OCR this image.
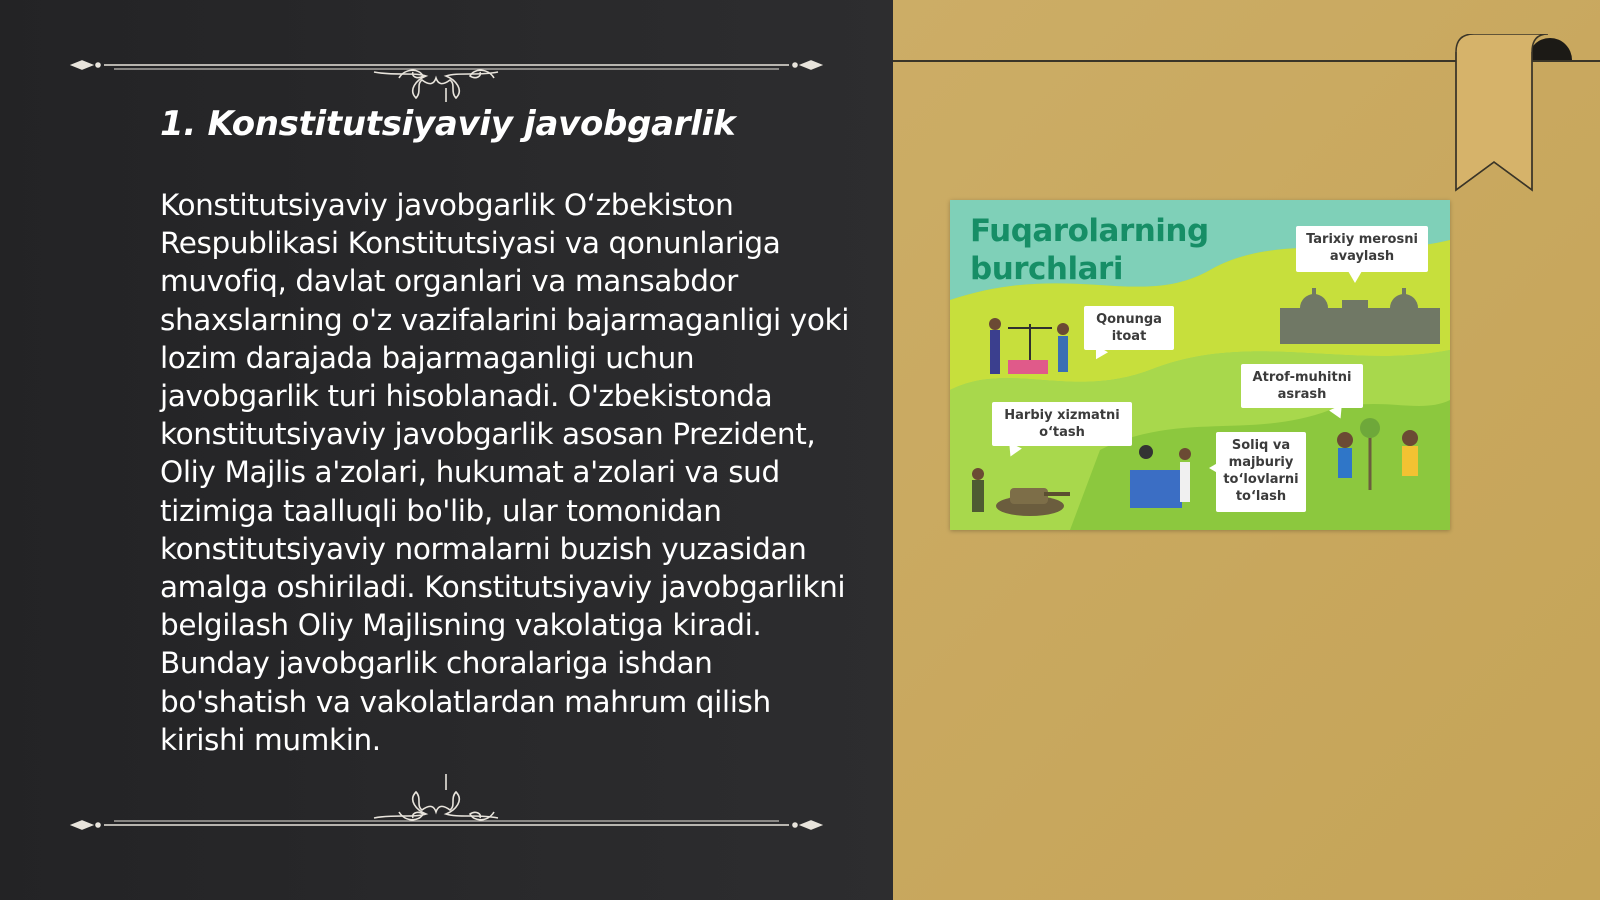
1. Konstitutsiyaviy javobgarlik

Konstitutsiyaviy javobgarlik O‘zbekiston Respublikasi Konstitutsiyasi va qonunlariga muvofiq, davlat organlari va mansabdor shaxslarning o'z vazifalarini bajarmaganligi yoki lozim darajada bajarmaganligi uchun javobgarlik turi hisoblanadi. O'zbekistonda konstitutsiyaviy javobgarlik asosan Prezident, Oliy Majlis a'zolari, hukumat a'zolari va sud tizimiga taalluqli bo'lib, ular tomonidan konstitutsiyaviy normalarni buzish yuzasidan amalga oshiriladi. Konstitutsiyaviy javobgarlikni belgilash Oliy Majlisning vakolatiga kiradi. Bunday javobgarlik choralariga ishdan bo'shatish va vakolatlardan mahrum qilish kirishi mumkin.

Fuqarolarning
burchlari
Tarixiy merosni avaylash
Qonunga itoat
Atrof-muhitni asrash
Harbiy xizmatni o‘tash
Soliq va majburiy to‘lovlarni to‘lash
